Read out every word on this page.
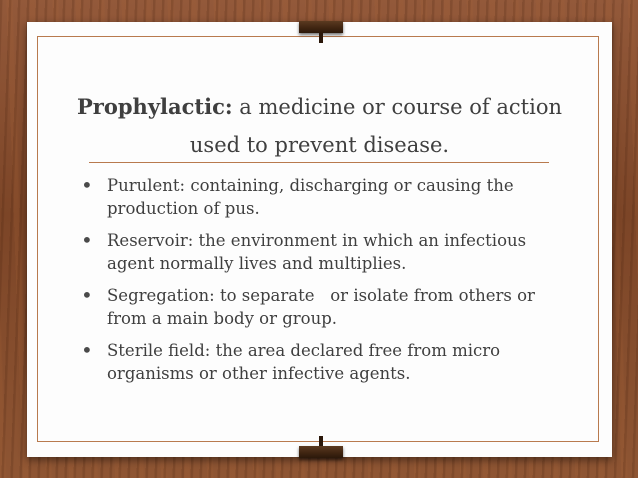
Prophylactic: a medicine or course of action
used to prevent disease.
• Purulent: containing, discharging or causing the
production of pus.
• Reservoir: the environment in which an infectious
agent normally lives and multiplies.
• Segregation: to separate   or isolate from others or
from a main body or group.
• Sterile field: the area declared free from micro
organisms or other infective agents.
